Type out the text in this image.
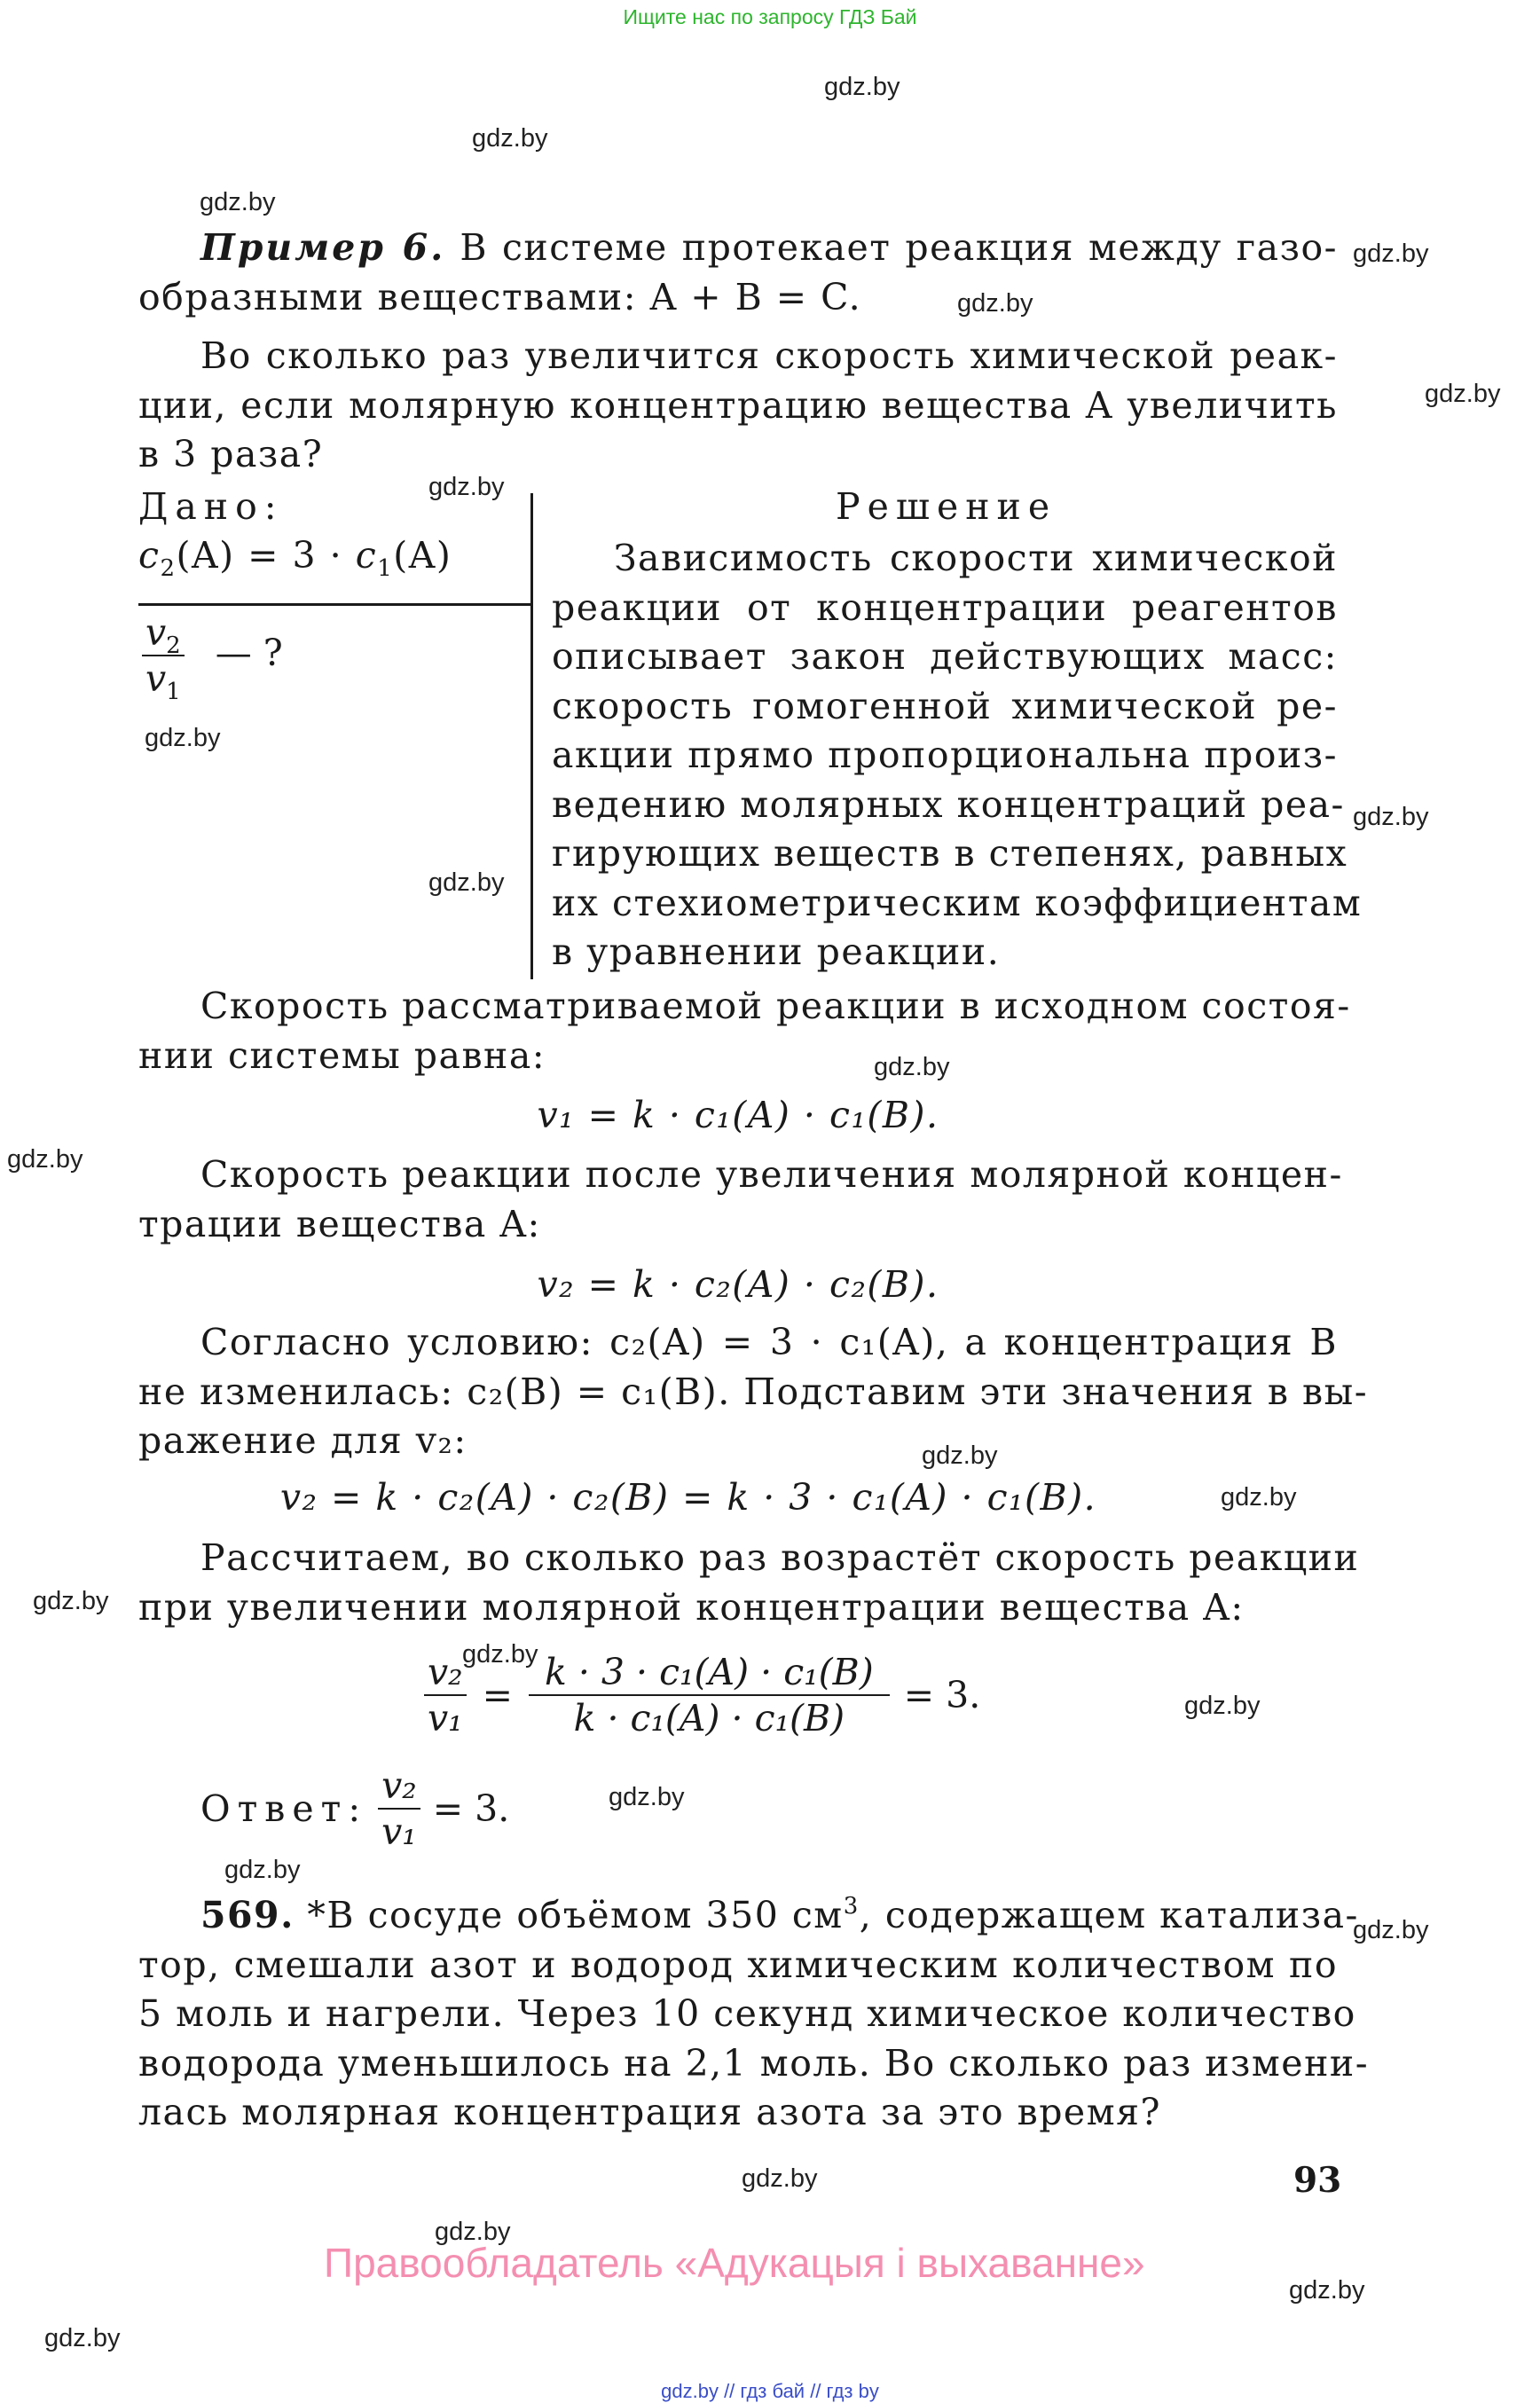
Ищите нас по запросу ГДЗ Бай
gdz.by
gdz.by
gdz.by
gdz.by
gdz.by
gdz.by
gdz.by
gdz.by
gdz.by
gdz.by
gdz.by
gdz.by
gdz.by
gdz.by
gdz.by
gdz.by
gdz.by
gdz.by
gdz.by
gdz.by
gdz.by
gdz.by
gdz.by
gdz.by
Пример 6. В системе протекает реакция между газо-
образными веществами: A + B = C.
Во сколько раз увеличится скорость химической реак-
ции, если молярную концентрацию вещества A увеличить
в 3 раза?
Дано:
$c_2(A) = 3 \cdot c_1(A)$
$\frac{v_2}{v_1}$ — ?
Решение
Зависимость скорости химической
реакции от концентрации реагентов
описывает закон действующих масс:
скорость гомогенной химической ре-
акции прямо пропорциональна произ-
ведению молярных концентраций реа-
гирующих веществ в степенях, равных
их стехиометрическим коэффициентам
в уравнении реакции.
Скорость рассматриваемой реакции в исходном состоя-
нии системы равна:
v₁ = k · c₁(A) · c₁(B).
Скорость реакции после увеличения молярной концен-
трации вещества A:
v₂ = k · c₂(A) · c₂(B).
Согласно условию: c₂(A) = 3 · c₁(A), а концентрация B
не изменилась: c₂(B) = c₁(B). Подставим эти значения в вы-
ражение для v₂:
v₂ = k · c₂(A) · c₂(B) = k · 3 · c₁(A) · c₁(B).
Рассчитаем, во сколько раз возрастёт скорость реакции
при увеличении молярной концентрации вещества A:
$\frac{\text{v₂}}{\text{v₁}} = \frac{\text{k · 3 · c₁(A) · c₁(B)}}{\text{k · c₁(A) · c₁(B)}} = 3$.
Ответ: $\frac{\text{v₂}}{\text{v₁}} = 3$.
569. *В сосуде объёмом 350 $см^3$, содержащем катализа-
тор, смешали азот и водород химическим количеством по
5 моль и нагрели. Через 10 секунд химическое количество
водорода уменьшилось на 2,1 моль. Во сколько раз измени-
лась молярная концентрация азота за это время?
93
Правообладатель «Адукацыя і выхаванне»
gdz.by // гдз бай // гдз by
